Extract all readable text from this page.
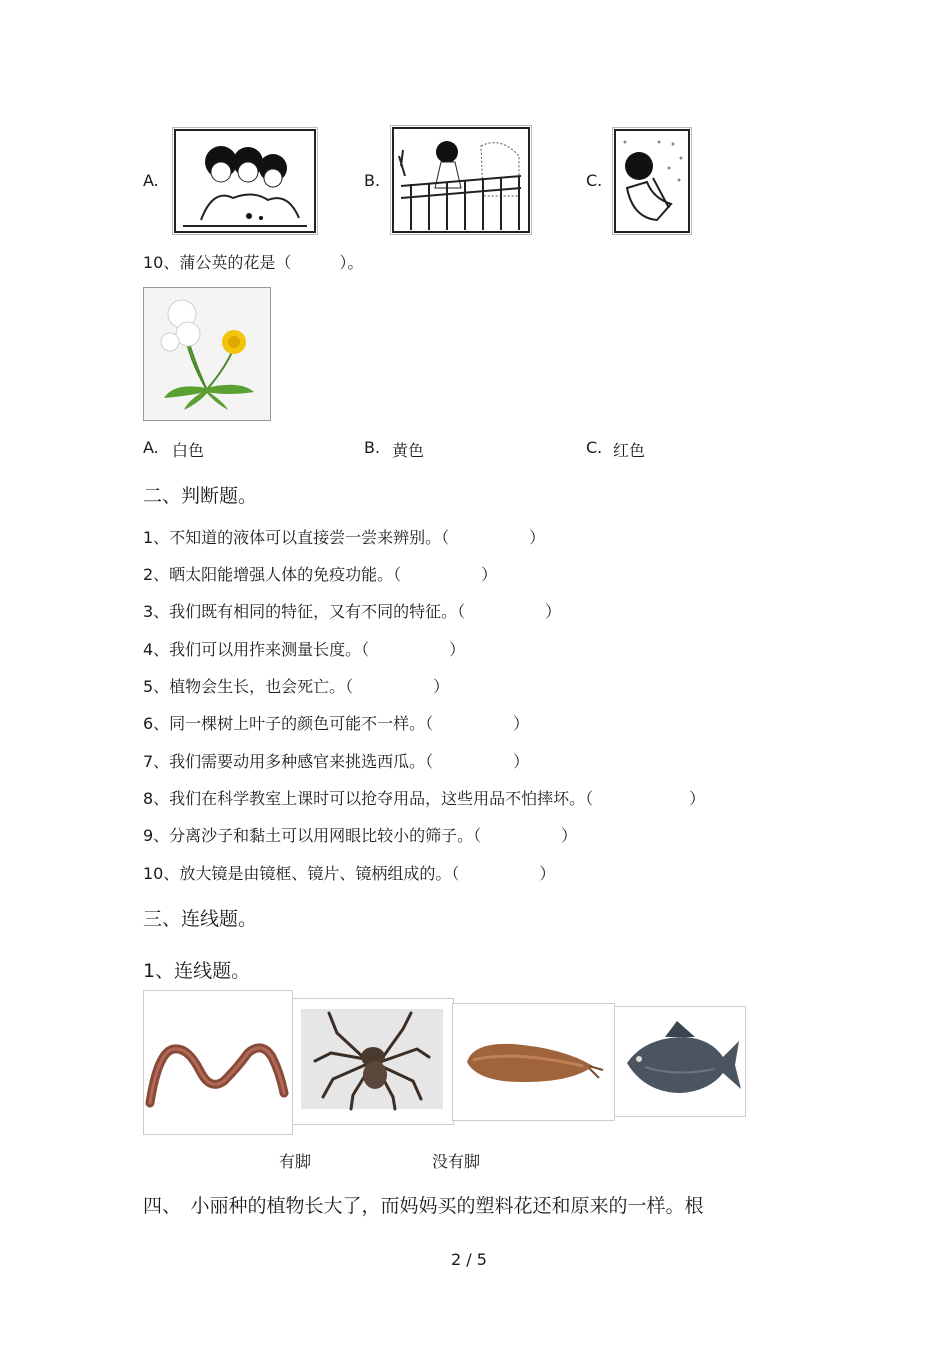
A.	B.	C.
10、蒲公英的花是（　　　）。
A. 白色	B. 黄色	C. 红色
二、判断题。
1、不知道的液体可以直接尝一尝来辨别。（　　　　　）
2、晒太阳能增强人体的免疫功能。（　　　　　）
3、我们既有相同的特征，又有不同的特征。（　　　　　）
4、我们可以用拃来测量长度。（　　　　　）
5、植物会生长，也会死亡。（　　　　　）
6、同一棵树上叶子的颜色可能不一样。（　　　　　）
7、我们需要动用多种感官来挑选西瓜。（　　　　　）
8、我们在科学教室上课时可以抢夺用品，这些用品不怕摔坏。（　　　　　　）
9、分离沙子和黏土可以用网眼比较小的筛子。（　　　　　）
10、放大镜是由镜框、镜片、镜柄组成的。（　　　　　）
三、连线题。
1、连线题。
有脚	没有脚
四、　小丽种的植物长大了，而妈妈买的塑料花还和原来的一样。根
2 / 5
